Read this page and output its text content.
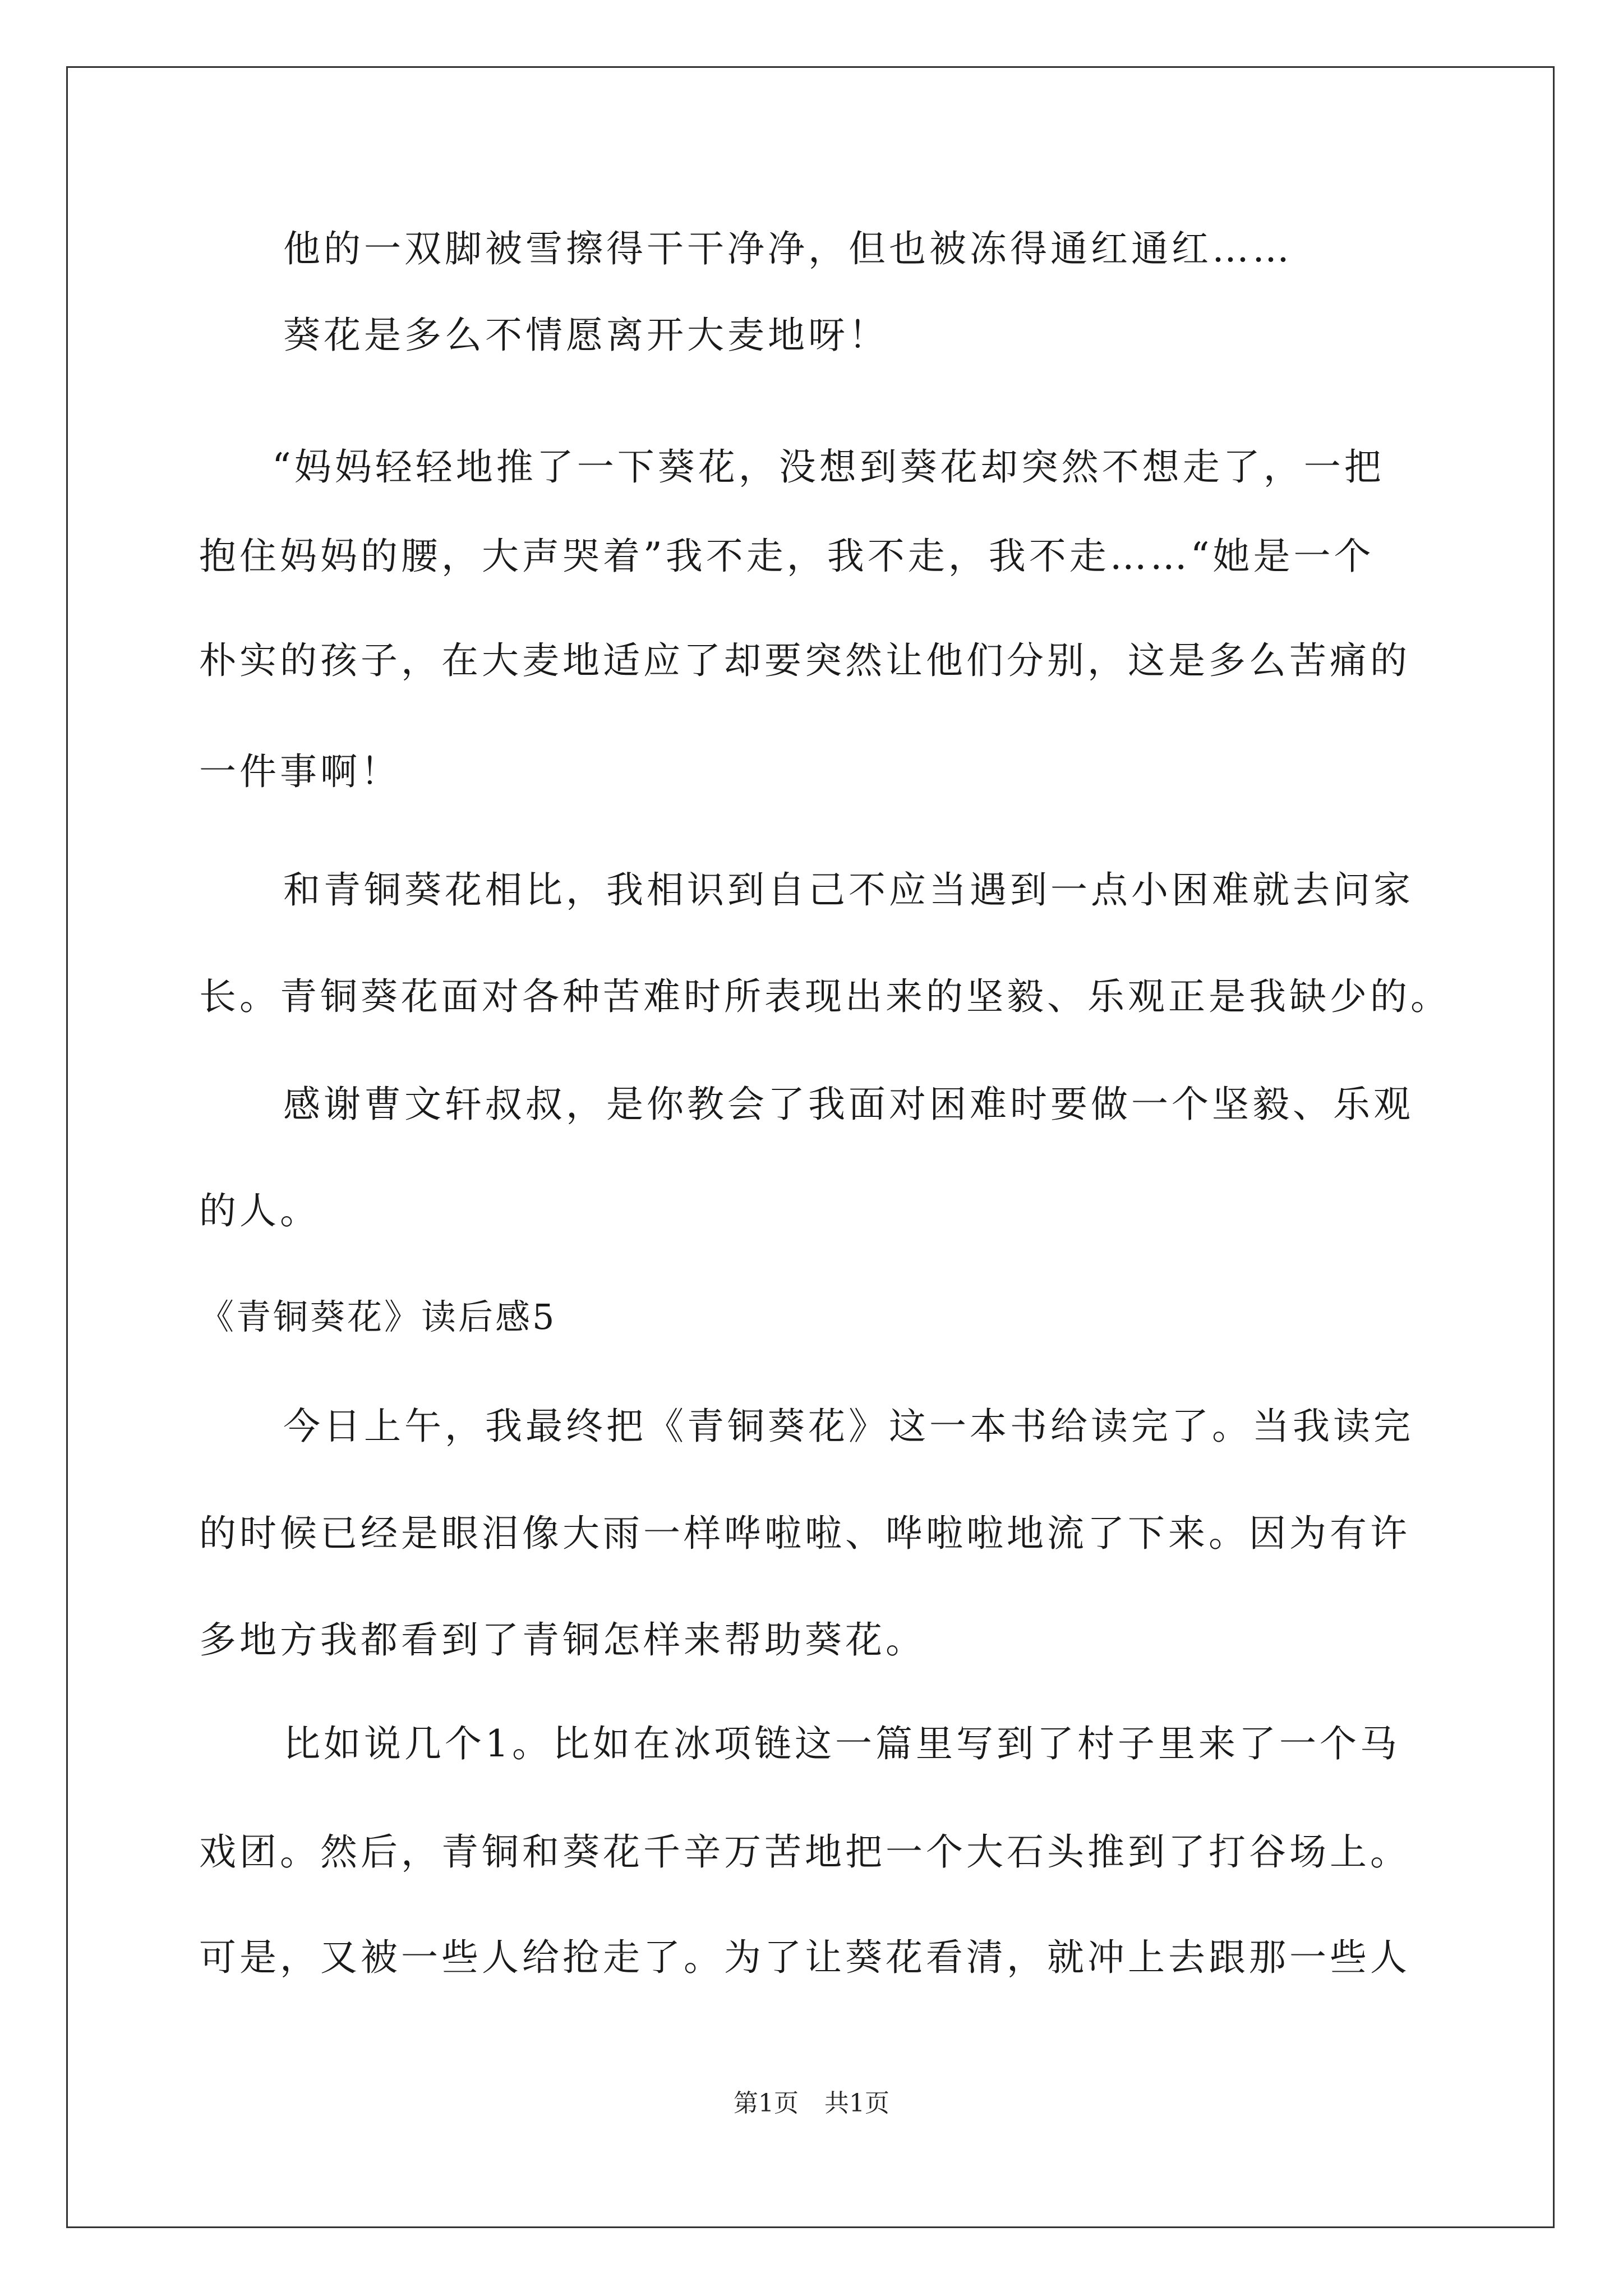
他的一双脚被雪擦得干干净净，但也被冻得通红通红……
葵花是多么不情愿离开大麦地呀！
“妈妈轻轻地推了一下葵花，没想到葵花却突然不想走了，一把
抱住妈妈的腰，大声哭着”我不走，我不走，我不走……“她是一个
朴实的孩子，在大麦地适应了却要突然让他们分别，这是多么苦痛的
一件事啊！
和青铜葵花相比，我相识到自己不应当遇到一点小困难就去问家
长。青铜葵花面对各种苦难时所表现出来的坚毅、乐观正是我缺少的。
感谢曹文轩叔叔，是你教会了我面对困难时要做一个坚毅、乐观
的人。
《青铜葵花》读后感5
今日上午，我最终把《青铜葵花》这一本书给读完了。当我读完
的时候已经是眼泪像大雨一样哗啦啦、哗啦啦地流了下来。因为有许
多地方我都看到了青铜怎样来帮助葵花。
比如说几个1。比如在冰项链这一篇里写到了村子里来了一个马
戏团。然后，青铜和葵花千辛万苦地把一个大石头推到了打谷场上。
可是，又被一些人给抢走了。为了让葵花看清，就冲上去跟那一些人
第1页 共1页
